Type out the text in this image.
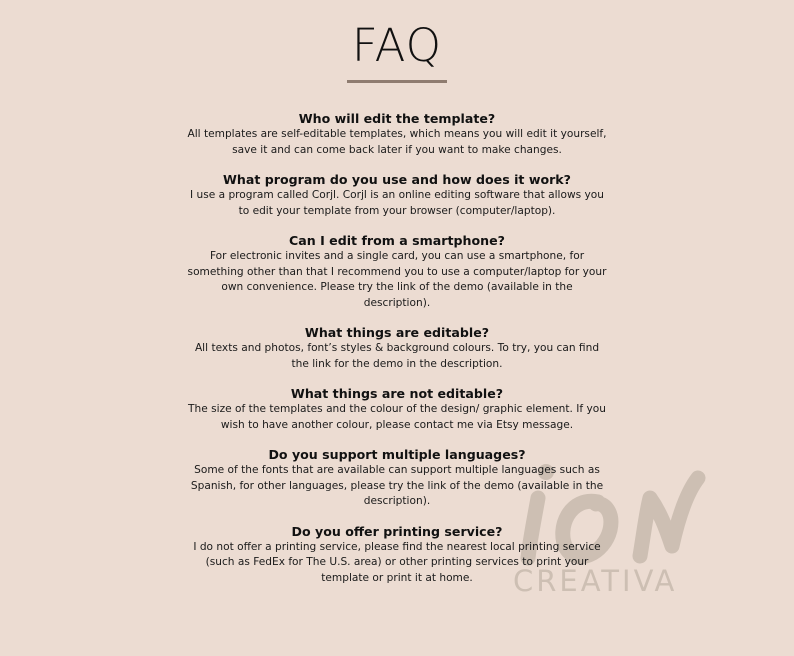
CREATIVA
FAQ

Who will edit the template?

All templates are self-editable templates, which means you will edit it yourself, save it and can come back later if you want to make changes.

What program do you use and how does it work?

I use a program called Corjl. Corjl is an online editing software that allows you to edit your template from your browser (computer/laptop).

Can I edit from a smartphone?

For electronic invites and a single card, you can use a smartphone, for something other than that I recommend you to use a computer/laptop for your own convenience. Please try the link of the demo (available in the description).

What things are editable?

All texts and photos, font’s styles & background colours. To try, you can find the link for the demo in the description.

What things are not editable?

The size of the templates and the colour of the design/ graphic element. If you wish to have another colour, please contact me via Etsy message.

Do you support multiple languages?

Some of the fonts that are available can support multiple languages such as Spanish, for other languages, please try the link of the demo (available in the description).

Do you offer printing service?

I do not offer a printing service, please find the nearest local printing service (such as FedEx for The U.S. area) or other printing services to print your template or print it at home.
